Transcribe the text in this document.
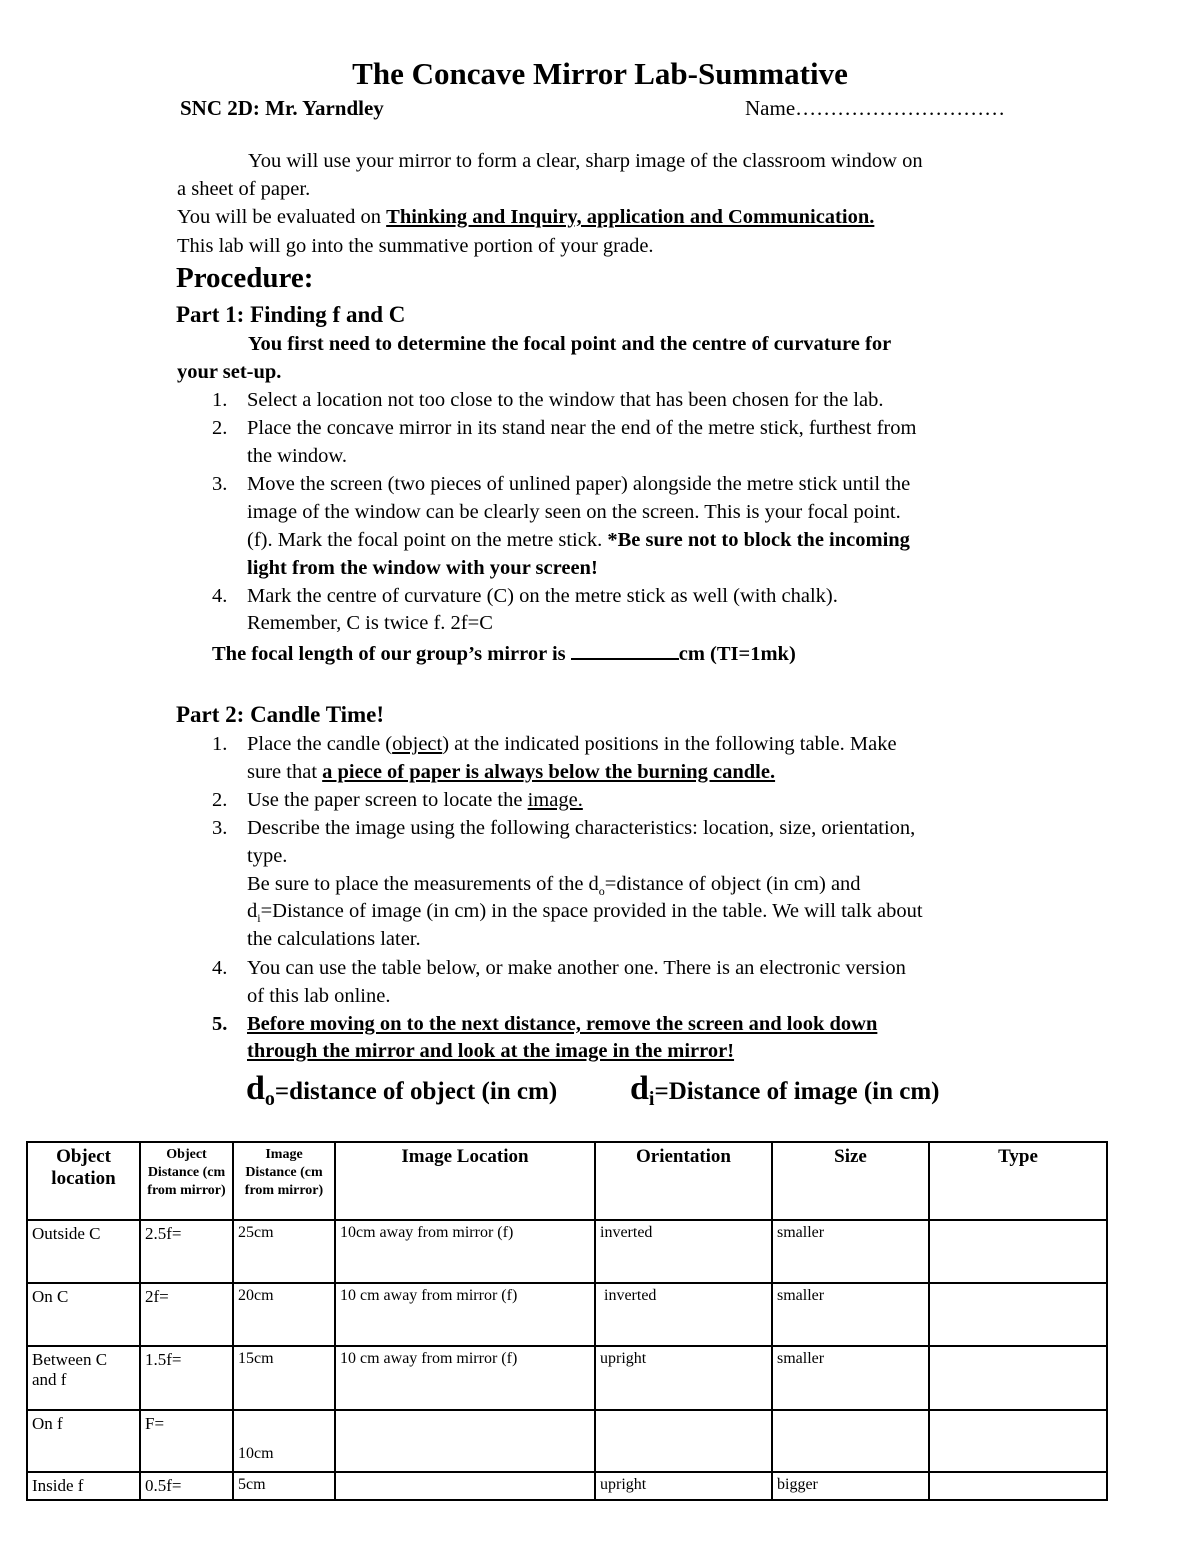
The Concave Mirror Lab-Summative
SNC 2D: Mr. Yarndley	Name…………………………
You will use your mirror to form a clear, sharp image of the classroom window on
a sheet of paper.
You will be evaluated on Thinking and Inquiry, application and Communication.
This lab will go into the summative portion of your grade.
Procedure:
Part 1: Finding f and C
You first need to determine the focal point and the centre of curvature for
your set-up.
1. Select a location not too close to the window that has been chosen for the lab.
2. Place the concave mirror in its stand near the end of the metre stick, furthest from
the window.
3. Move the screen (two pieces of unlined paper) alongside the metre stick until the
image of the window can be clearly seen on the screen. This is your focal point.
(f). Mark the focal point on the metre stick. *Be sure not to block the incoming
light from the window with your screen!
4. Mark the centre of curvature (C) on the metre stick as well (with chalk).
Remember, C is twice f. 2f=C
The focal length of our group’s mirror is	cm (TI=1mk)
Part 2: Candle Time!
1. Place the candle (object) at the indicated positions in the following table. Make
sure that a piece of paper is always below the burning candle.
2. Use the paper screen to locate the image.
3. Describe the image using the following characteristics: location, size, orientation,
type.
Be sure to place the measurements of the $d_o=distance$ of object (in cm) and
$d_i=Distance$ of image (in cm) in the space provided in the table. We will talk about
the calculations later.
4. You can use the table below, or make another one. There is an electronic version
of this lab online.
5. Before moving on to the next distance, remove the screen and look down
through the mirror and look at the image in the mirror!
$d_o=distance$ of object (in cm) $d_i=Distance$ of image (in cm)
Object location	Object Distance (cm from mirror)	Image Distance (cm from mirror)	Image Location	Orientation	Size	Type
Outside C	2.5f=	25cm	10cm away from mirror (f)	inverted	smaller	
On C	2f=	20cm	10 cm away from mirror (f)	inverted	smaller	
Between C and f	1.5f=	15cm	10 cm away from mirror (f)	upright	smaller	
On f	F=	10cm				
Inside f	0.5f=	5cm		upright	bigger	
